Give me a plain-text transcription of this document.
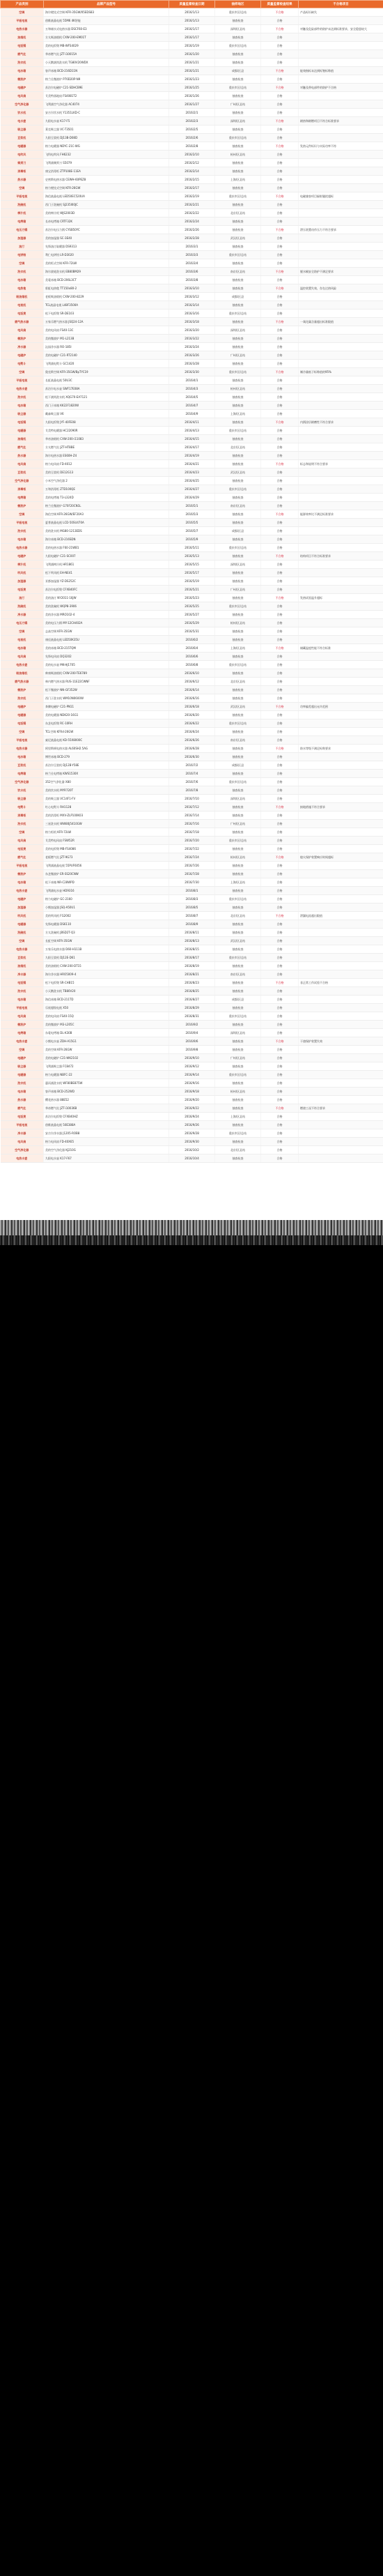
产品类别	品牌产品型号	质量监督检查日期	抽样地区	质量监督检查结果	不合格项目
空调	海尔壁挂式空调 KFR-35GW/05EDS83	2016/1/13	重庆市区/总站	不合格	产品标识缺失
平板电视	创维液晶电视 55M6 4K智能	2016/1/13	抽查检查	合格	
电热水器	万和储水式电热水器 DSCF60-E3	2016/1/17	深圳/区县站	不合格	对触及危险部件的防护未达到标准要求，安全隐患较大
油烟机	方太吸油烟机 CXW-200-EM01T	2016/1/17	抽查检查	合格	
电饭锅	美的电饭煲 MB-WFS4029	2016/1/19	重庆市区/总站	合格	
燃气灶	华帝燃气灶 JZT-i10015A	2016/1/20	抽查检查	合格	
洗衣机	小天鹅滚筒洗衣机 TG80V20WDX	2016/1/21	抽查检查	合格	
电冰箱	容声冰箱 BCD-216D11N	2016/1/21	成都/区县	不合格	能效指标未达到标签标称值
微波炉	格兰仕微波炉 P70D20P-N9	2016/1/23	抽查检查	合格	
电磁炉	苏泊尔电磁炉 C21-SDHCB9E	2016/1/25	重庆市区/总站	不合格	对触及带电部件的防护不合格
电风扇	艾美特落地扇 FS4081T2	2016/1/26	抽查检查	合格	
空气净化器	飞利浦空气净化器 AC4074	2016/1/27	广州/区县站	合格	
饮水机	安吉尔饮水机 Y1351LKD-C	2016/2/1	抽查检查	合格	
电水壶	九阳电水壶 K17-F5	2016/2/3	深圳/区县站	不合格	耐热和耐燃项目不符合标准要求
吸尘器	莱克吸尘器 VC-T3501	2016/2/5	抽查检查	合格	
豆浆机	九阳豆浆机 DJ13B-D08D	2016/2/6	重庆市区/总站	合格	
电暖器	格力电暖器 NDYC-21C-WG	2016/2/8	抽查检查	不合格	发热元件标识与实际功率不符
电吹风	飞科电吹风 FH6232	2016/2/10	杭州/区县站	合格	
剃须刀	飞利浦剃须刀 S5079	2016/2/12	抽查检查	合格	
消毒柜	康宝消毒柜 ZTP108E-11EA	2016/2/14	抽查检查	合格	
热水器	史密斯电热水器 CEWH-60PEZ8	2016/2/15	上海/区县站	合格	
空调	格力壁挂式空调 KFR-26GW	2016/2/17	抽查检查	合格	
平板电视	海信液晶电视 LED50EC520UA	2016/2/19	重庆市区/总站	不合格	电磁兼容项目辐射骚扰超标
洗碗机	西门子洗碗机 SJ235I00JC	2016/2/21	抽查检查	合格	
榨汁机	美的榨汁机 WJS2003D	2016/2/22	北京/区县站	合格	
电烤箱	长帝电烤箱 CRTF32K	2016/2/24	抽查检查	合格	
电压力锅	苏泊尔电压力锅 CYSB50YC	2016/2/26	抽查检查	不合格	泄压装置动作压力不符合要求
加湿器	美的加湿器 SC-3E40	2016/2/28	武汉/区县站	合格	
油汀	先锋油汀取暖器 DS9313	2016/3/1	抽查检查	合格	
电饼铛	利仁电饼铛 LR-D3020	2016/3/3	重庆市区/总站	合格	
空调	美的柜式空调 KFR-72LW	2016/3/4	抽查检查	合格	
洗衣机	海尔波轮洗衣机 EB80BM29	2016/3/6	南京/区县站	不合格	脱水桶安全防护不满足要求
电冰箱	美菱冰箱 BCD-206L3CT	2016/3/8	抽查检查	合格	
电热毯	彩虹电热毯 TT150x80-2	2016/3/10	抽查检查	不合格	温控装置失效，存在过热风险
吸油烟机	老板吸油烟机 CXW-200-8229	2016/3/12	成都/区县	合格	
电视机	TCL液晶电视 L48F3500A	2016/3/14	抽查检查	合格	
电饭煲	松下电饭煲 SR-DE103	2016/3/16	重庆市区/总站	合格	
燃气热水器	万家乐燃气热水器 JSQ24-12A	2016/3/18	抽查检查	不合格	一氧化碳含量超出标准限值
电风扇	美的电风扇 FS40-13C	2016/3/20	深圳/区县站	合格	
微波炉	美的微波炉 M1-L213B	2016/3/22	抽查检查	合格	
净水器	沁园净水器 RO-185I	2016/3/24	抽查检查	合格	
电磁炉	美的电磁炉 C21-RT2140	2016/3/26	广州/区县站	合格	
电熨斗	飞利浦电熨斗 GC1420	2016/3/28	抽查检查	合格	
空调	奥克斯空调 KFR-35GW/BpTYC19	2016/3/30	重庆市区/总站	不合格	制冷量低于标称值的95%
平板电视	长虹液晶电视 50U3C	2016/4/1	抽查检查	合格	
电热水壶	苏泊尔电水壶 SWF17E08A	2016/4/3	杭州/区县站	合格	
洗衣机	松下滚筒洗衣机 XQG70-EA7121	2016/4/5	抽查检查	合格	
电冰箱	西门子冰箱 KK22F1820W	2016/4/7	抽查检查	合格	
吸尘器	戴森吸尘器 V6	2016/4/9	上海/区县站	合格	
电饭锅	九阳电饭煲 JYF-40FE08	2016/4/11	抽查检查	不合格	内锅涂层耐磨性不符合要求
电暖器	艾美特电暖器 HC22090R	2016/4/13	重庆市区/总站	合格	
油烟机	华帝油烟机 CXW-200-i11083	2016/4/15	抽查检查	合格	
燃气灶	方太燃气灶 JZT-HT8BE	2016/4/17	北京/区县站	合格	
热水器	海尔电热水器 ES60H-Z4	2016/4/19	抽查检查	合格	
电风扇	格力电风扇 FD-4012	2016/4/21	抽查检查	不合格	标志和说明不符合要求
豆浆机	美的豆浆机 DE12G13	2016/4/23	武汉/区县站	合格	
空气净化器	小米空气净化器 2	2016/4/25	抽查检查	合格	
消毒柜	万和消毒柜 ZTD100QE	2016/4/27	重庆市区/总站	合格	
电烤箱	美的电烤箱 T3-L324D	2016/4/29	抽查检查	合格	
微波炉	格兰仕微波炉 G70F20CN1L	2016/5/1	南京/区县站	合格	
空调	海信空调 KFR-26GW/EF20A3	2016/5/3	抽查检查	不合格	能源效率比不满足标准要求
平板电视	夏普液晶电视 LCD-50SU470A	2016/5/5	抽查检查	合格	
洗衣机	美的洗衣机 MG80-1213EDS	2016/5/7	成都/区县	合格	
电冰箱	海尔冰箱 BCD-216SDN	2016/5/9	抽查检查	合格	
电热水器	美的电热水器 F60-21WB1	2016/5/11	重庆市区/总站	合格	
电磁炉	九阳电磁炉 C21-SC007	2016/5/13	抽查检查	不合格	结构项目不符合标准要求
榨汁机	飞利浦榨汁机 HR1861	2016/5/15	深圳/区县站	合格	
吹风机	松下吹风机 EH-NE41	2016/5/17	抽查检查	合格	
加湿器	亚都加湿器 YZ-DS252C	2016/5/19	抽查检查	合格	
电饭煲	苏泊尔电饭煲 CFXB40FC	2016/5/21	广州/区县站	合格	
油汀	美的油汀 NY2011-16JW	2016/5/23	抽查检查	不合格	发热试验温升超标
洗碗机	美的洗碗机 WQP8-3906	2016/5/25	重庆市区/总站	合格	
净水器	美的净水器 MRO102-4	2016/5/27	抽查检查	合格	
电压力锅	美的电压力锅 MY-12CH402A	2016/5/29	杭州/区县站	合格	
空调	志高空调 KFR-35GW	2016/5/31	抽查检查	合格	
电视机	康佳液晶电视 LED50K35U	2016/6/2	抽查检查	合格	
电冰箱	美的冰箱 BCD-215TQM	2016/6/4	上海/区县站	不合格	储藏温度性能不符合标准
电风扇	先锋电风扇 DQ3202	2016/6/6	抽查检查	合格	
电热水壶	美的电水壶 MK-HJ1705	2016/6/8	重庆市区/总站	合格	
吸油烟机	帅康吸油烟机 CXW-200-TE6789	2016/6/10	抽查检查	合格	
燃气热水器	林内燃气热水器 RUS-11E22CWNF	2016/6/12	北京/区县站	合格	
微波炉	松下微波炉 NN-GF352W	2016/6/14	抽查检查	合格	
洗衣机	西门子洗衣机 WM10N0600W	2016/6/16	抽查检查	合格	
电磁炉	奔腾电磁炉 C21-PN11	2016/6/18	武汉/区县站	不合格	功率偏差超出允许范围
电暖器	美的电暖器 NDK20-16G1	2016/6/20	抽查检查	合格	
电饭锅	东芝电饭煲 RC-10RH	2016/6/22	重庆市区/总站	合格	
空调	TCL空调 KFRd-26GW	2016/6/24	抽查检查	合格	
平板电视	索尼液晶电视 KD-55X8000C	2016/6/26	南京/区县站	合格	
电热水器	阿里斯顿电热水器 AL60SH2.5AG	2016/6/28	抽查检查	不合格	防水等级不满足标称要求
电冰箱	博世冰箱 BCD-279	2016/6/30	抽查检查	合格	
豆浆机	苏泊尔豆浆机 DJ12B-Y58E	2016/7/2	成都/区县	合格	
电烤箱	格兰仕电烤箱 KWS1530X	2016/7/4	抽查检查	合格	
空气净化器	352空气净化器 X80	2016/7/6	重庆市区/总站	合格	
饮水机	美的饮水机 MYR720T	2016/7/8	抽查检查	合格	
吸尘器	美的吸尘器 VC14F1-FV	2016/7/10	深圳/区县站	合格	
电熨斗	红心电熨斗 RH1128	2016/7/12	抽查检查	不合格	接地措施不符合要求
消毒柜	美的消毒柜 MXV-ZLP100K03	2016/7/14	抽查检查	合格	
洗衣机	三星洗衣机 WW80J5410GW	2016/7/16	广州/区县站	合格	
空调	格力柜机 KFR-72LW	2016/7/18	抽查检查	合格	
电风扇	艾美特电风扇 FSW52R	2016/7/20	重庆市区/总站	合格	
电饭煲	美的电饭煲 MB-FS4086	2016/7/22	抽查检查	合格	
燃气灶	老板燃气灶 JZT-9G73	2016/7/24	杭州/区县站	不合格	熄火保护装置响应时间超标
平板电视	飞利浦液晶电视 55PUF6056	2016/7/26	抽查检查	合格	
微波炉	东芝微波炉 ER-SS20CNW	2016/7/28	抽查检查	合格	
电冰箱	松下冰箱 NR-C28WPD	2016/7/30	上海/区县站	合格	
电热水壶	飞利浦电水壶 HD9316	2016/8/1	抽查检查	合格	
电磁炉	格力电磁炉 GC-2160	2016/8/3	重庆市区/总站	合格	
加湿器	小熊加湿器 JSQ-A50U1	2016/8/5	抽查检查	合格	
吹风机	美的吹风机 FG2002	2016/8/7	北京/区县站	不合格	泄漏电流超出限值
电暖器	先锋电暖器 DS6110	2016/8/9	抽查检查	合格	
洗碗机	方太洗碗机 JBSD2T-Q3	2016/8/11	抽查检查	合格	
空调	长虹空调 KFR-35GW	2016/8/13	武汉/区县站	合格	
电热水器	万家乐电热水器 D60-H111B	2016/8/15	抽查检查	合格	
豆浆机	九阳豆浆机 DJ12E-D61	2016/8/17	重庆市区/总站	合格	
油烟机	美的油烟机 CXW-200-DT15	2016/8/19	抽查检查	合格	
净水器	海尔净水器 HRO5009-4	2016/8/21	南京/区县站	合格	
电饭锅	松下电饭煲 SR-CHB15	2016/8/23	抽查检查	不合格	非正常工作试验不合格
洗衣机	小天鹅洗衣机 TB80V20	2016/8/25	抽查检查	合格	
电冰箱	海信冰箱 BCD-211TD	2016/8/27	成都/区县	合格	
平板电视	乐视超级电视 X50	2016/8/29	抽查检查	合格	
电风扇	美的电风扇 FS40-15Q	2016/8/31	重庆市区/总站	合格	
微波炉	美的微波炉 M3-L205C	2016/9/2	抽查检查	合格	
电烤箱	东菱电烤箱 DL-K30B	2016/9/4	深圳/区县站	合格	
电热水壶	小熊电水壶 ZDH-A15G1	2016/9/6	抽查检查	不合格	干烧保护装置失效
空调	美的空调 KFR-26GW	2016/9/8	抽查检查	合格	
电磁炉	美的电磁炉 C21-WK2102	2016/9/10	广州/区县站	合格	
吸尘器	飞利浦吸尘器 FC8472	2016/9/12	抽查检查	合格	
电暖器	格力电暖器 NBFC-22	2016/9/14	重庆市区/总站	合格	
洗衣机	惠而浦洗衣机 WF80BE875W	2016/9/16	抽查检查	合格	
电冰箱	容声冰箱 BCD-252WD	2016/9/18	杭州/区县站	合格	
热水器	樱花热水器 88E52	2016/9/20	抽查检查	合格	
燃气灶	华帝燃气灶 JZT-i10036B	2016/9/22	抽查检查	不合格	燃烧工况不符合要求
电饭煲	苏泊尔电饭煲 CFXB40HZ	2016/9/24	上海/区县站	合格	
平板电视	创维液晶电视 50E388A	2016/9/26	抽查检查	合格	
净水器	安吉尔净水器 J1205-ROB8	2016/9/28	重庆市区/总站	合格	
电风扇	格力电风扇 FD-40X65	2016/9/30	抽查检查	合格	
空气净化器	美的空气净化器 KJ210G	2016/10/2	北京/区县站	合格	
电热水壶	九阳电水壶 K17-F67	2016/10/4	抽查检查	合格	
